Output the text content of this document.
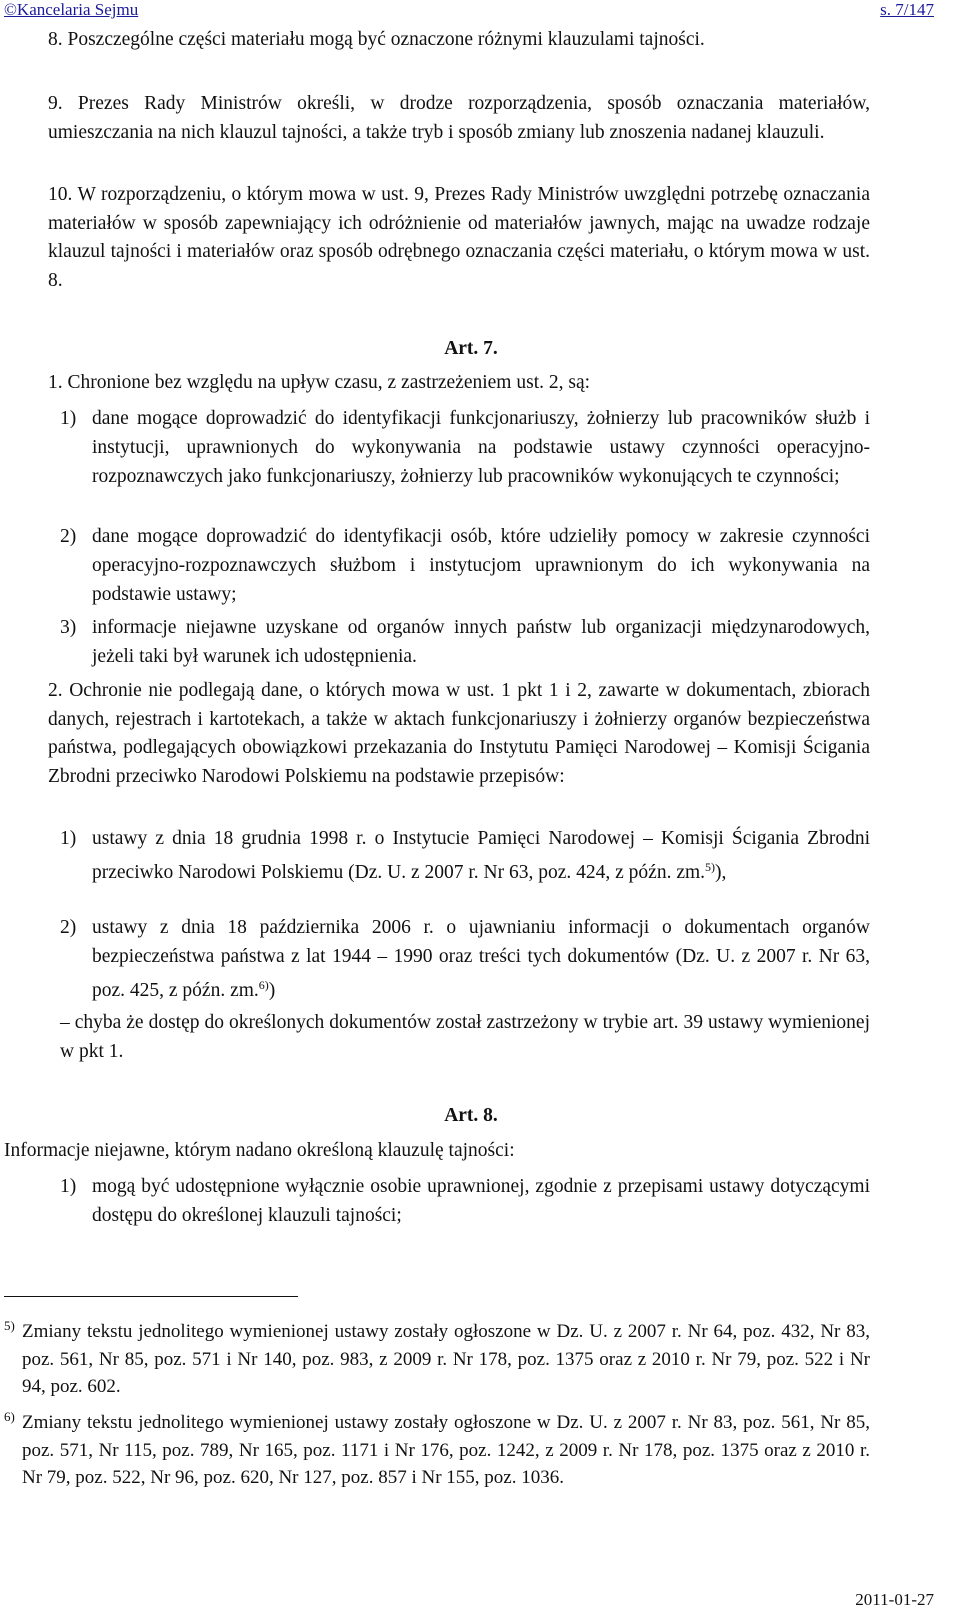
©Kancelaria Sejmu	s. 7/147
8. Poszczególne części materiału mogą być oznaczone różnymi klauzulami tajności.
9. Prezes Rady Ministrów określi, w drodze rozporządzenia, sposób oznaczania materiałów, umieszczania na nich klauzul tajności, a także tryb i sposób zmiany lub znoszenia nadanej klauzuli.
10. W rozporządzeniu, o którym mowa w ust. 9, Prezes Rady Ministrów uwzględni potrzebę oznaczania materiałów w sposób zapewniający ich odróżnienie od materiałów jawnych, mając na uwadze rodzaje klauzul tajności i materiałów oraz sposób odrębnego oznaczania części materiału, o którym mowa w ust. 8.
Art. 7.
1. Chronione bez względu na upływ czasu, z zastrzeżeniem ust. 2, są:
1) dane mogące doprowadzić do identyfikacji funkcjonariuszy, żołnierzy lub pracowników służb i instytucji, uprawnionych do wykonywania na podstawie ustawy czynności operacyjno-rozpoznawczych jako funkcjonariuszy, żołnierzy lub pracowników wykonujących te czynności;
2) dane mogące doprowadzić do identyfikacji osób, które udzieliły pomocy w zakresie czynności operacyjno-rozpoznawczych służbom i instytucjom uprawnionym do ich wykonywania na podstawie ustawy;
3) informacje niejawne uzyskane od organów innych państw lub organizacji międzynarodowych, jeżeli taki był warunek ich udostępnienia.
2. Ochronie nie podlegają dane, o których mowa w ust. 1 pkt 1 i 2, zawarte w dokumentach, zbiorach danych, rejestrach i kartotekach, a także w aktach funkcjonariuszy i żołnierzy organów bezpieczeństwa państwa, podlegających obowiązkowi przekazania do Instytutu Pamięci Narodowej – Komisji Ścigania Zbrodni przeciwko Narodowi Polskiemu na podstawie przepisów:
1) ustawy z dnia 18 grudnia 1998 r. o Instytucie Pamięci Narodowej – Komisji Ścigania Zbrodni przeciwko Narodowi Polskiemu (Dz. U. z 2007 r. Nr 63, poz. 424, z późn. zm.$^{5)}$),
2) ustawy z dnia 18 października 2006 r. o ujawnianiu informacji o dokumentach organów bezpieczeństwa państwa z lat 1944 – 1990 oraz treści tych dokumentów (Dz. U. z 2007 r. Nr 63, poz. 425, z późn. zm.$^{6)}$)
– chyba że dostęp do określonych dokumentów został zastrzeżony w trybie art. 39 ustawy wymienionej w pkt 1.
Art. 8.
Informacje niejawne, którym nadano określoną klauzulę tajności:
1) mogą być udostępnione wyłącznie osobie uprawnionej, zgodnie z przepisami ustawy dotyczącymi dostępu do określonej klauzuli tajności;
5) Zmiany tekstu jednolitego wymienionej ustawy zostały ogłoszone w Dz. U. z 2007 r. Nr 64, poz. 432, Nr 83, poz. 561, Nr 85, poz. 571 i Nr 140, poz. 983, z 2009 r. Nr 178, poz. 1375 oraz z 2010 r. Nr 79, poz. 522 i Nr 94, poz. 602.
6) Zmiany tekstu jednolitego wymienionej ustawy zostały ogłoszone w Dz. U. z 2007 r. Nr 83, poz. 561, Nr 85, poz. 571, Nr 115, poz. 789, Nr 165, poz. 1171 i Nr 176, poz. 1242, z 2009 r. Nr 178, poz. 1375 oraz z 2010 r. Nr 79, poz. 522, Nr 96, poz. 620, Nr 127, poz. 857 i Nr 155, poz. 1036.
2011-01-27
